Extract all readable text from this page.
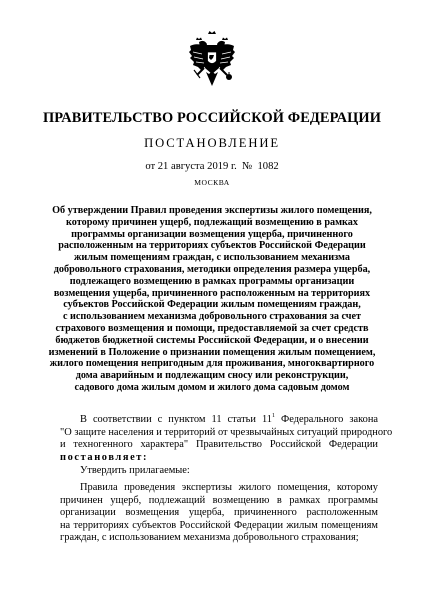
ПРАВИТЕЛЬСТВО РОССИЙСКОЙ ФЕДЕРАЦИИ
ПОСТАНОВЛЕНИЕ
от 21 августа 2019 г.  №  1082
МОСКВА
Об утверждении Правил проведения экспертизы жилого помещения,
которому причинен ущерб, подлежащий возмещению в рамках
программы организации возмещения ущерба, причиненного
расположенным на территориях субъектов Российской Федерации
жилым помещениям граждан, с использованием механизма
добровольного страхования, методики определения размера ущерба,
подлежащего возмещению в рамках программы организации
возмещения ущерба, причиненного расположенным на территориях
субъектов Российской Федерации жилым помещениям граждан,
с использованием механизма добровольного страхования за счет
страхового возмещения и помощи, предоставляемой за счет средств
бюджетов бюджетной системы Российской Федерации, и о внесении
изменений в Положение о признании помещения жилым помещением,
жилого помещения непригодным для проживания, многоквартирного
дома аварийным и подлежащим сносу или реконструкции,
садового дома жилым домом и жилого дома садовым домом
В соответствии с пунктом 11 статьи $11^1$ Федерального закона
"О защите населения и территорий от чрезвычайных ситуаций природного
и техногенного характера" Правительство Российской Федерации
постановляет:
Утвердить прилагаемые:
Правила проведения экспертизы жилого помещения, которому
причинен ущерб, подлежащий возмещению в рамках программы
организации возмещения ущерба, причиненного расположенным
на территориях субъектов Российской Федерации жилым помещениям
граждан, с использованием механизма добровольного страхования;
